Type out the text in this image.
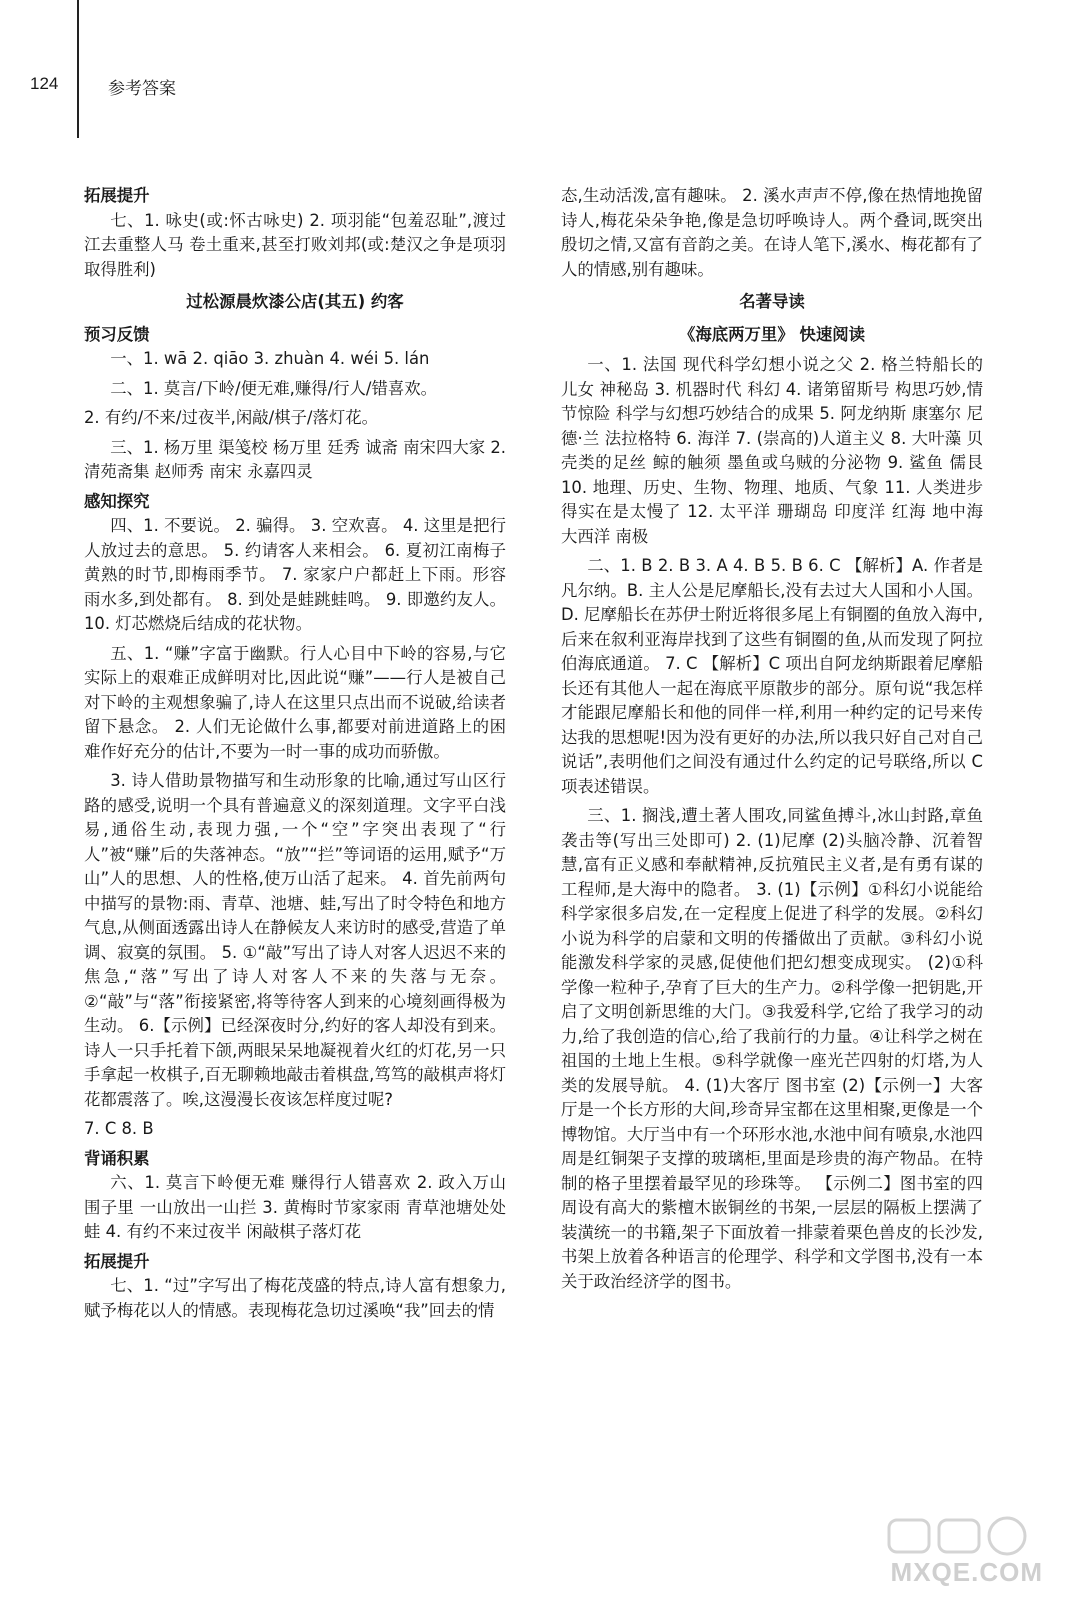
124	参考答案

拓展提升

七、1. 咏史(或:怀古咏史) 2. 项羽能“包羞忍耻”,渡过江去重整人马 卷土重来,甚至打败刘邦(或:楚汉之争是项羽取得胜利)

过松源晨炊漆公店(其五) 约客

预习反馈

一、1. wā 2. qiāo 3. zhuàn 4. wéi 5. lán

二、1. 莫言/下岭/便无难,赚得/行人/错喜欢。

2. 有约/不来/过夜半,闲敲/棋子/落灯花。

三、1. 杨万里 渠笺校 杨万里 廷秀 诚斋 南宋四大家 2. 清苑斋集 赵师秀 南宋 永嘉四灵

感知探究

四、1. 不要说。 2. 骗得。 3. 空欢喜。 4. 这里是把行人放过去的意思。 5. 约请客人来相会。 6. 夏初江南梅子黄熟的时节,即梅雨季节。 7. 家家户户都赶上下雨。形容雨水多,到处都有。 8. 到处是蛙跳蛙鸣。 9. 即邀约友人。 10. 灯芯燃烧后结成的花状物。

五、1. “赚”字富于幽默。行人心目中下岭的容易,与它实际上的艰难正成鲜明对比,因此说“赚”——行人是被自己对下岭的主观想象骗了,诗人在这里只点出而不说破,给读者留下悬念。 2. 人们无论做什么事,都要对前进道路上的困难作好充分的估计,不要为一时一事的成功而骄傲。

3. 诗人借助景物描写和生动形象的比喻,通过写山区行路的感受,说明一个具有普遍意义的深刻道理。文字平白浅易,通俗生动,表现力强,一个“空”字突出表现了“行人”被“赚”后的失落神态。“放”“拦”等词语的运用,赋予“万山”人的思想、人的性格,使万山活了起来。 4. 首先前两句中描写的景物:雨、青草、池塘、蛙,写出了时令特色和地方气息,从侧面透露出诗人在静候友人来访时的感受,营造了单调、寂寞的氛围。 5. ①“敲”写出了诗人对客人迟迟不来的焦急,“落”写出了诗人对客人不来的失落与无奈。②“敲”与“落”衔接紧密,将等待客人到来的心境刻画得极为生动。 6.【示例】已经深夜时分,约好的客人却没有到来。诗人一只手托着下颌,两眼呆呆地凝视着火红的灯花,另一只手拿起一枚棋子,百无聊赖地敲击着棋盘,笃笃的敲棋声将灯花都震落了。唉,这漫漫长夜该怎样度过呢?

7. C 8. B

背诵积累

六、1. 莫言下岭便无难 赚得行人错喜欢 2. 政入万山围子里 一山放出一山拦 3. 黄梅时节家家雨 青草池塘处处蛙 4. 有约不来过夜半 闲敲棋子落灯花

拓展提升

七、1. “过”字写出了梅花茂盛的特点,诗人富有想象力,赋予梅花以人的情感。表现梅花急切过溪唤“我”回去的情

态,生动活泼,富有趣味。 2. 溪水声声不停,像在热情地挽留诗人,梅花朵朵争艳,像是急切呼唤诗人。两个叠词,既突出殷切之情,又富有音韵之美。在诗人笔下,溪水、梅花都有了人的情感,别有趣味。

名著导读

《海底两万里》 快速阅读

一、1. 法国 现代科学幻想小说之父 2. 格兰特船长的儿女 神秘岛 3. 机器时代 科幻 4. 诸第留斯号 构思巧妙,情节惊险 科学与幻想巧妙结合的成果 5. 阿龙纳斯 康塞尔 尼德·兰 法拉格特 6. 海洋 7. (崇高的)人道主义 8. 大叶藻 贝壳类的足丝 鲸的触须 墨鱼或乌贼的分泌物 9. 鲨鱼 儒艮 10. 地理、历史、生物、物理、地质、气象 11. 人类进步得实在是太慢了 12. 太平洋 珊瑚岛 印度洋 红海 地中海 大西洋 南极

二、1. B 2. B 3. A 4. B 5. B 6. C 【解析】A. 作者是凡尔纳。B. 主人公是尼摩船长,没有去过大人国和小人国。D. 尼摩船长在苏伊士附近将很多尾上有铜圈的鱼放入海中,后来在叙利亚海岸找到了这些有铜圈的鱼,从而发现了阿拉伯海底通道。 7. C 【解析】C 项出自阿龙纳斯跟着尼摩船长还有其他人一起在海底平原散步的部分。原句说“我怎样才能跟尼摩船长和他的同伴一样,利用一种约定的记号来传达我的思想呢!因为没有更好的办法,所以我只好自己对自己说话”,表明他们之间没有通过什么约定的记号联络,所以 C 项表述错误。

三、1. 搁浅,遭土著人围攻,同鲨鱼搏斗,冰山封路,章鱼袭击等(写出三处即可) 2. (1)尼摩 (2)头脑冷静、沉着智慧,富有正义感和奉献精神,反抗殖民主义者,是有勇有谋的工程师,是大海中的隐者。 3. (1)【示例】①科幻小说能给科学家很多启发,在一定程度上促进了科学的发展。②科幻小说为科学的启蒙和文明的传播做出了贡献。③科幻小说能激发科学家的灵感,促使他们把幻想变成现实。 (2)①科学像一粒种子,孕育了巨大的生产力。②科学像一把钥匙,开启了文明创新思维的大门。③我爱科学,它给了我学习的动力,给了我创造的信心,给了我前行的力量。④让科学之树在祖国的土地上生根。⑤科学就像一座光芒四射的灯塔,为人类的发展导航。 4. (1)大客厅 图书室 (2)【示例一】大客厅是一个长方形的大间,珍奇异宝都在这里相聚,更像是一个博物馆。大厅当中有一个环形水池,水池中间有喷泉,水池四周是红铜架子支撑的玻璃柜,里面是珍贵的海产物品。在特制的格子里摆着最罕见的珍珠等。 【示例二】图书室的四周设有高大的紫檀木嵌铜丝的书架,一层层的隔板上摆满了装潢统一的书籍,架子下面放着一排蒙着栗色兽皮的长沙发,书架上放着各种语言的伦理学、科学和文学图书,没有一本关于政治经济学的图书。

MXQE.COM
